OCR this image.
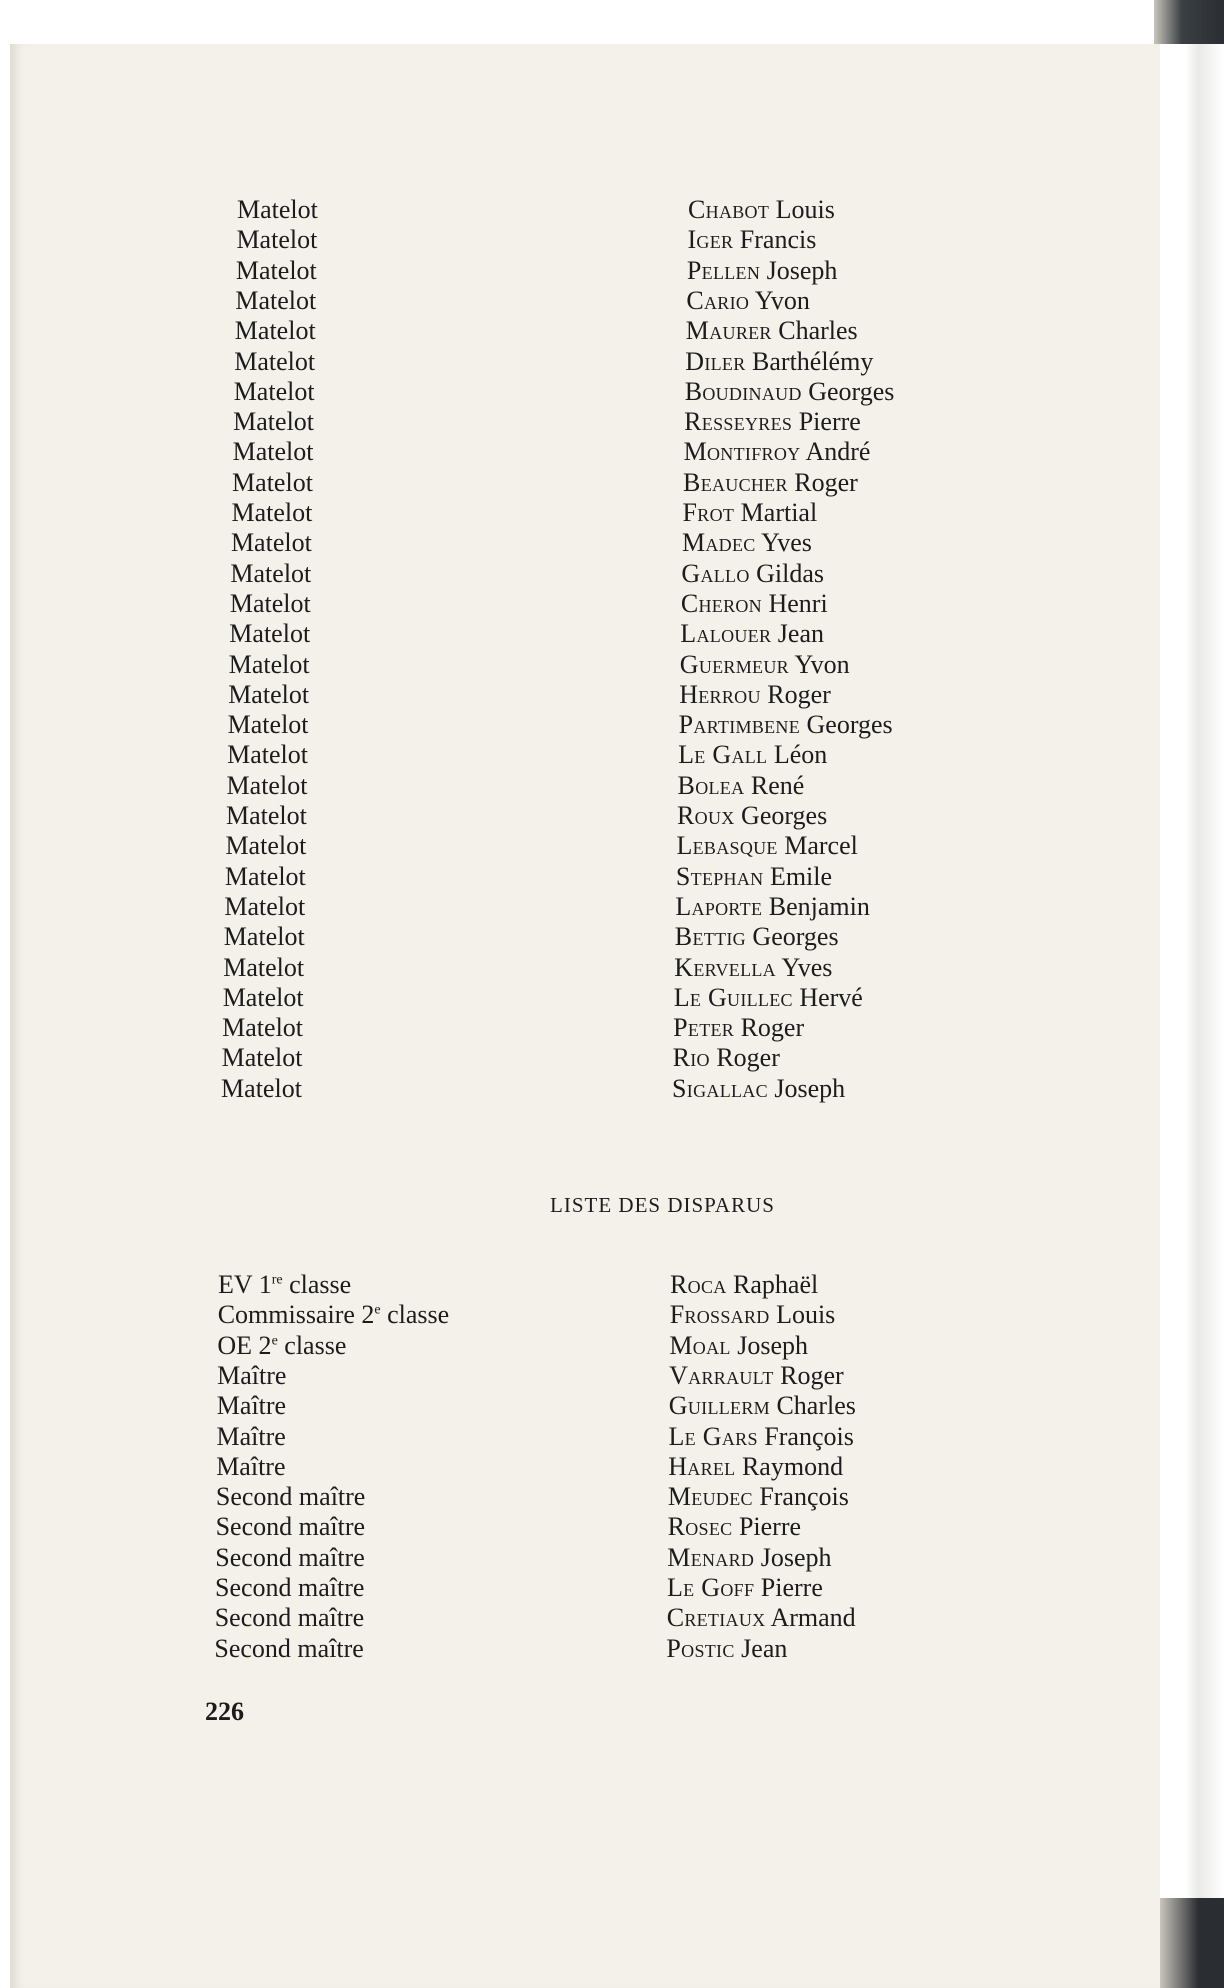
Matelot	Chabot Louis
Matelot	Iger Francis
Matelot	Pellen Joseph
Matelot	Cario Yvon
Matelot	Maurer Charles
Matelot	Diler Barthélémy
Matelot	Boudinaud Georges
Matelot	Resseyres Pierre
Matelot	Montifroy André
Matelot	Beaucher Roger
Matelot	Frot Martial
Matelot	Madec Yves
Matelot	Gallo Gildas
Matelot	Cheron Henri
Matelot	Lalouer Jean
Matelot	Guermeur Yvon
Matelot	Herrou Roger
Matelot	Partimbene Georges
Matelot	Le Gall Léon
Matelot	Bolea René
Matelot	Roux Georges
Matelot	Lebasque Marcel
Matelot	Stephan Emile
Matelot	Laporte Benjamin
Matelot	Bettig Georges
Matelot	Kervella Yves
Matelot	Le Guillec Hervé
Matelot	Peter Roger
Matelot	Rio Roger
Matelot	Sigallac Joseph
LISTE DES DISPARUS
EV 1re classe	Roca Raphaël
Commissaire 2e classe	Frossard Louis
OE 2e classe	Moal Joseph
Maître	Varrault Roger
Maître	Guillerm Charles
Maître	Le Gars François
Maître	Harel Raymond
Second maître	Meudec François
Second maître	Rosec Pierre
Second maître	Menard Joseph
Second maître	Le Goff Pierre
Second maître	Cretiaux Armand
Second maître	Postic Jean
226
